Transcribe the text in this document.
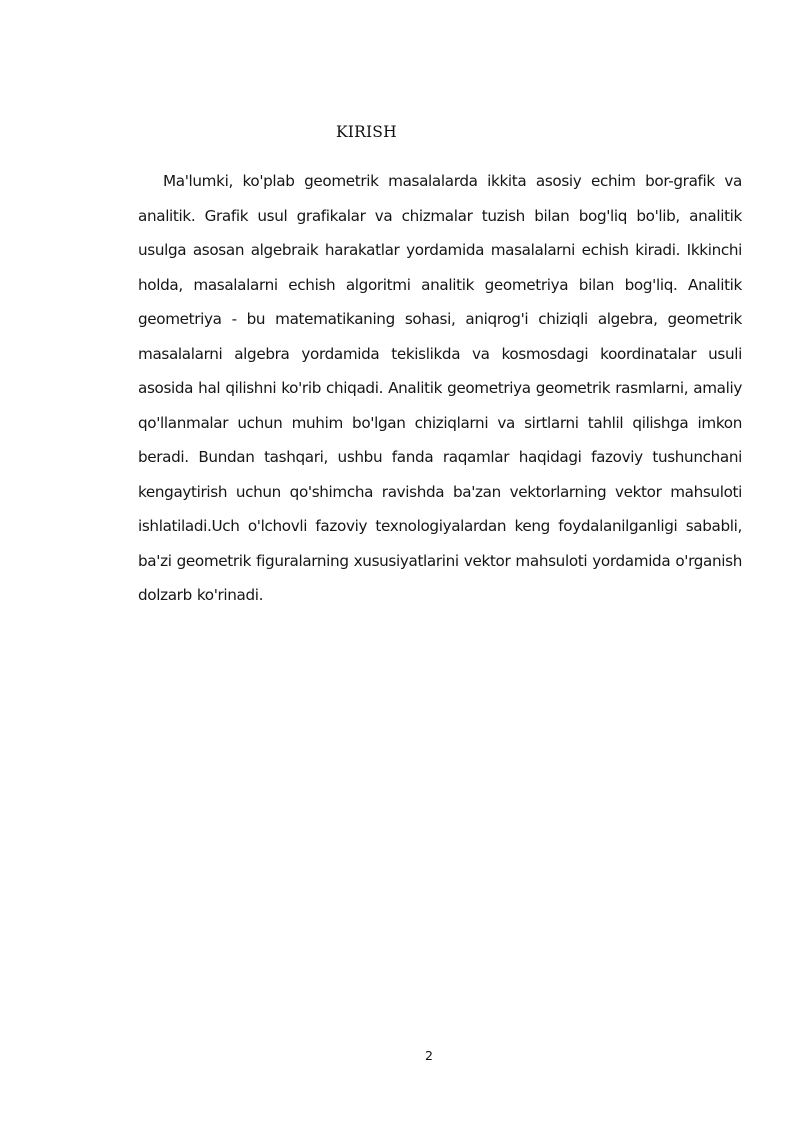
KIRISH

Ma'lumki, ko'plab geometrik masalalarda ikkita asosiy echim bor-grafik va analitik. Grafik usul grafikalar va chizmalar tuzish bilan bog'liq bo'lib, analitik usulga asosan algebraik harakatlar yordamida masalalarni echish kiradi. Ikkinchi holda, masalalarni echish algoritmi analitik geometriya bilan bog'liq. Analitik geometriya - bu matematikaning sohasi, aniqrog'i chiziqli algebra, geometrik masalalarni algebra yordamida tekislikda va kosmosdagi koordinatalar usuli asosida hal qilishni ko'rib chiqadi. Analitik geometriya geometrik rasmlarni, amaliy qo'llanmalar uchun muhim bo'lgan chiziqlarni va sirtlarni tahlil qilishga imkon beradi. Bundan tashqari, ushbu fanda raqamlar haqidagi fazoviy tushunchani kengaytirish uchun qo'shimcha ravishda ba'zan vektorlarning vektor mahsuloti ishlatiladi.Uch o'lchovli fazoviy texnologiyalardan keng foydalanilganligi sababli, ba'zi geometrik figuralarning xususiyatlarini vektor mahsuloti yordamida o'rganish dolzarb ko'rinadi.

2
